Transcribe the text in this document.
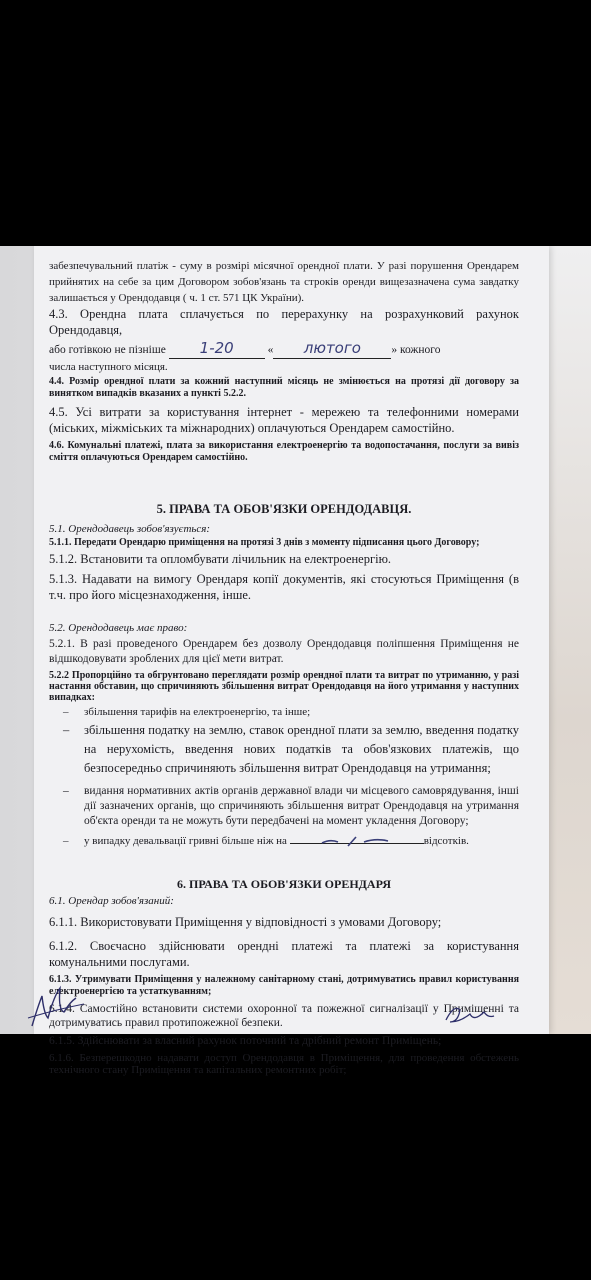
забезпечувальний платіж - суму в розмірі місячної орендної плати. У разі порушення Орендарем прийнятих на себе за цим Договором зобов'язань та строків оренди вищезазначена сума завдатку залишається у Орендодавця ( ч. 1 ст. 571 ЦК України).

4.3. Орендна плата сплачується по перерахунку на розрахунковий рахунок Орендодавця,

або готівкою не пізніше 1-20	« лютого	» кожного

числа наступного місяця.

4.4. Розмір орендної плати за кожний наступний місяць не змінюється на протязі дії договору за винятком випадків вказаних а пункті 5.2.2.

4.5. Усі витрати за користування інтернет - мережею та телефонними номерами (міських, міжміських та міжнародних) оплачуються Орендарем самостійно.

4.6. Комунальні платежі, плата за використання електроенергію та водопостачання, послуги за вивіз сміття оплачуються Орендарем самостійно.

5. ПРАВА ТА ОБОВ'ЯЗКИ ОРЕНДОДАВЦЯ.

5.1. Орендодавець зобов'язується:

5.1.1. Передати Орендарю приміщення на протязі 3 днів з моменту підписання цього Договору;

5.1.2. Встановити та опломбувати лічильник на електроенергію.

5.1.3. Надавати на вимогу Орендаря копії документів, які стосуються Приміщення (в т.ч. про його місцезнаходження, інше.

5.2. Орендодавець має право:

5.2.1. В разі проведеного Орендарем без дозволу Орендодавця поліпшення Приміщення не відшкодовувати зроблених для цієї мети витрат.

5.2.2 Пропорційно та обгрунтовано переглядати розмір орендної плати та витрат по утриманню, у разі настання обставин, що спричиняють збільшення витрат Орендодавця на його утримання у наступних випадках:

– збільшення тарифів на електроенергію, та інше;

– збільшення податку на землю, ставок орендної плати за землю, введення податку на нерухомість, введення нових податків та обов'язкових платежів, що безпосередньо спричиняють збільшення витрат Орендодавця на утримання;

– видання нормативних актів органів державної влади чи місцевого самоврядування, інші дії зазначених органів, що спричиняють збільшення витрат Орендодавця на утримання об'єкта оренди та не можуть бути передбачені на момент укладення Договору;

– у випадку девальвації гривні більше ніж на	відсотків.

6. ПРАВА ТА ОБОВ'ЯЗКИ ОРЕНДАРЯ

6.1. Орендар зобов'язаний:

6.1.1. Використовувати Приміщення у відповідності з умовами Договору;

6.1.2. Своєчасно здійснювати орендні платежі та платежі за користування комунальними послугами.

6.1.3. Утримувати Приміщення у належному санітарному стані, дотримуватись правил користування електроенергією та устаткуванням;

6.1.4. Самостійно встановити системи охоронної та пожежної сигналізації у Приміщенні та дотримуватись правил протипожежної безпеки.

6.1.5. Здійснювати за власний рахунок поточний та дрібний ремонт Приміщень;

6.1.6. Безперешкодно надавати доступ Орендодавця в Приміщення, для проведення обстежень технічного стану Приміщення та капітальних ремонтних робіт;
